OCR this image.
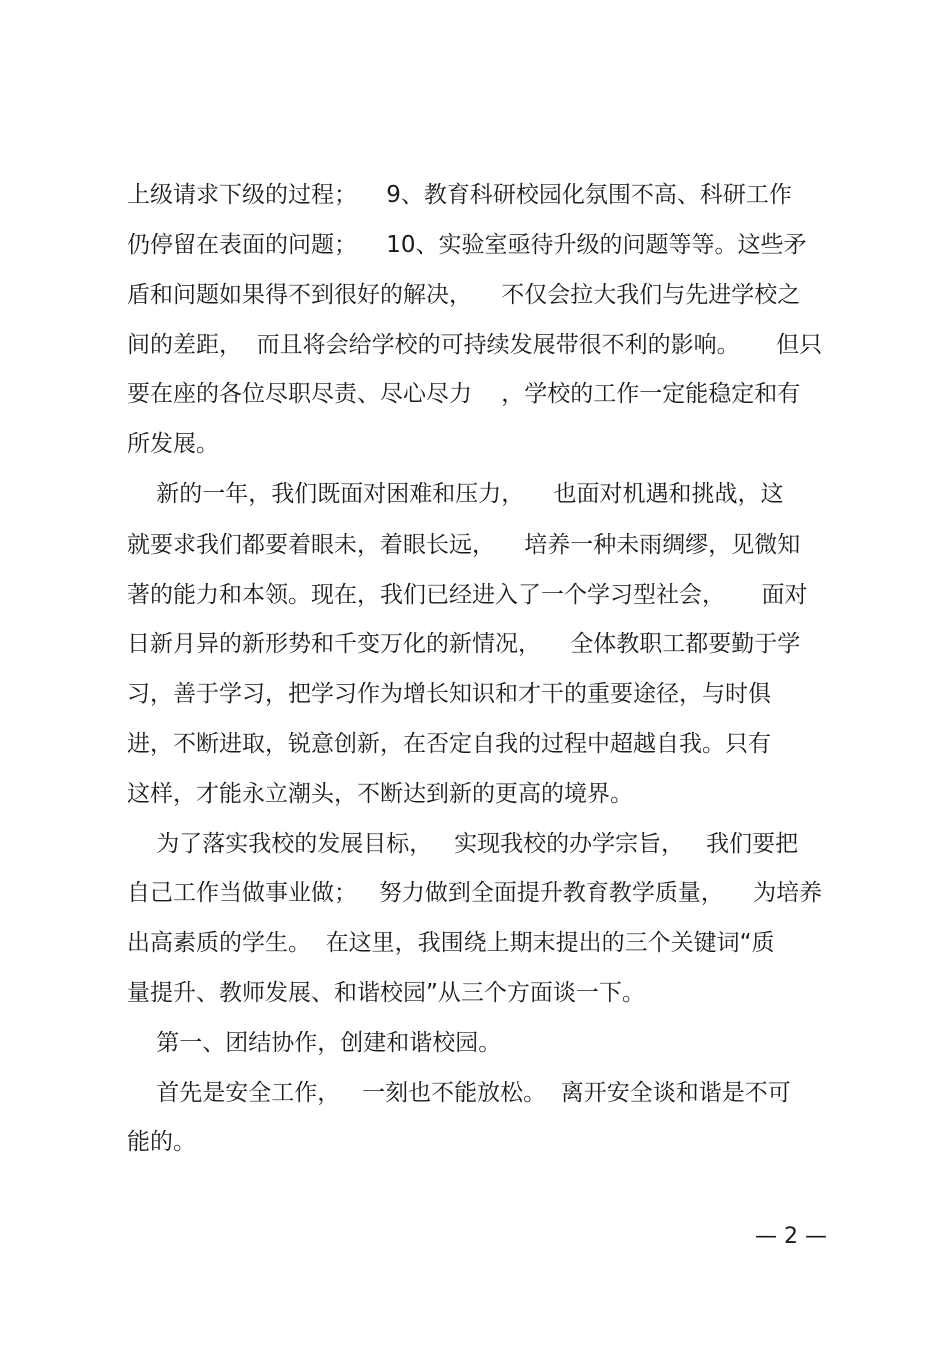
上级请求下级的过程；    9、教育科研校园化氛围不高、科研工作

仍停留在表面的问题；    10、实验室亟待升级的问题等等。这些矛

盾和问题如果得不到很好的解决，    不仅会拉大我们与先进学校之

间的差距，  而且将会给学校的可持续发展带很不利的影响。     但只

要在座的各位尽职尽责、尽心尽力    ，学校的工作一定能稳定和有

所发展。

新的一年，我们既面对困难和压力，    也面对机遇和挑战，这

就要求我们都要着眼未，着眼长远，    培养一种未雨绸缪，见微知

著的能力和本领。现在，我们已经进入了一个学习型社会，     面对

日新月异的新形势和千变万化的新情况，    全体教职工都要勤于学

习，善于学习，把学习作为增长知识和才干的重要途径，与时俱

进，不断进取，锐意创新，在否定自我的过程中超越自我。只有

这样，才能永立潮头，不断达到新的更高的境界。

为了落实我校的发展目标，   实现我校的办学宗旨，   我们要把

自己工作当做事业做；   努力做到全面提升教育教学质量，    为培养

出高素质的学生。  在这里，我围绕上期末提出的三个关键词“质

量提升、教师发展、和谐校园”从三个方面谈一下。

第一、团结协作，创建和谐校园。

首先是安全工作，   一刻也不能放松。  离开安全谈和谐是不可

能的。

— 2 —
